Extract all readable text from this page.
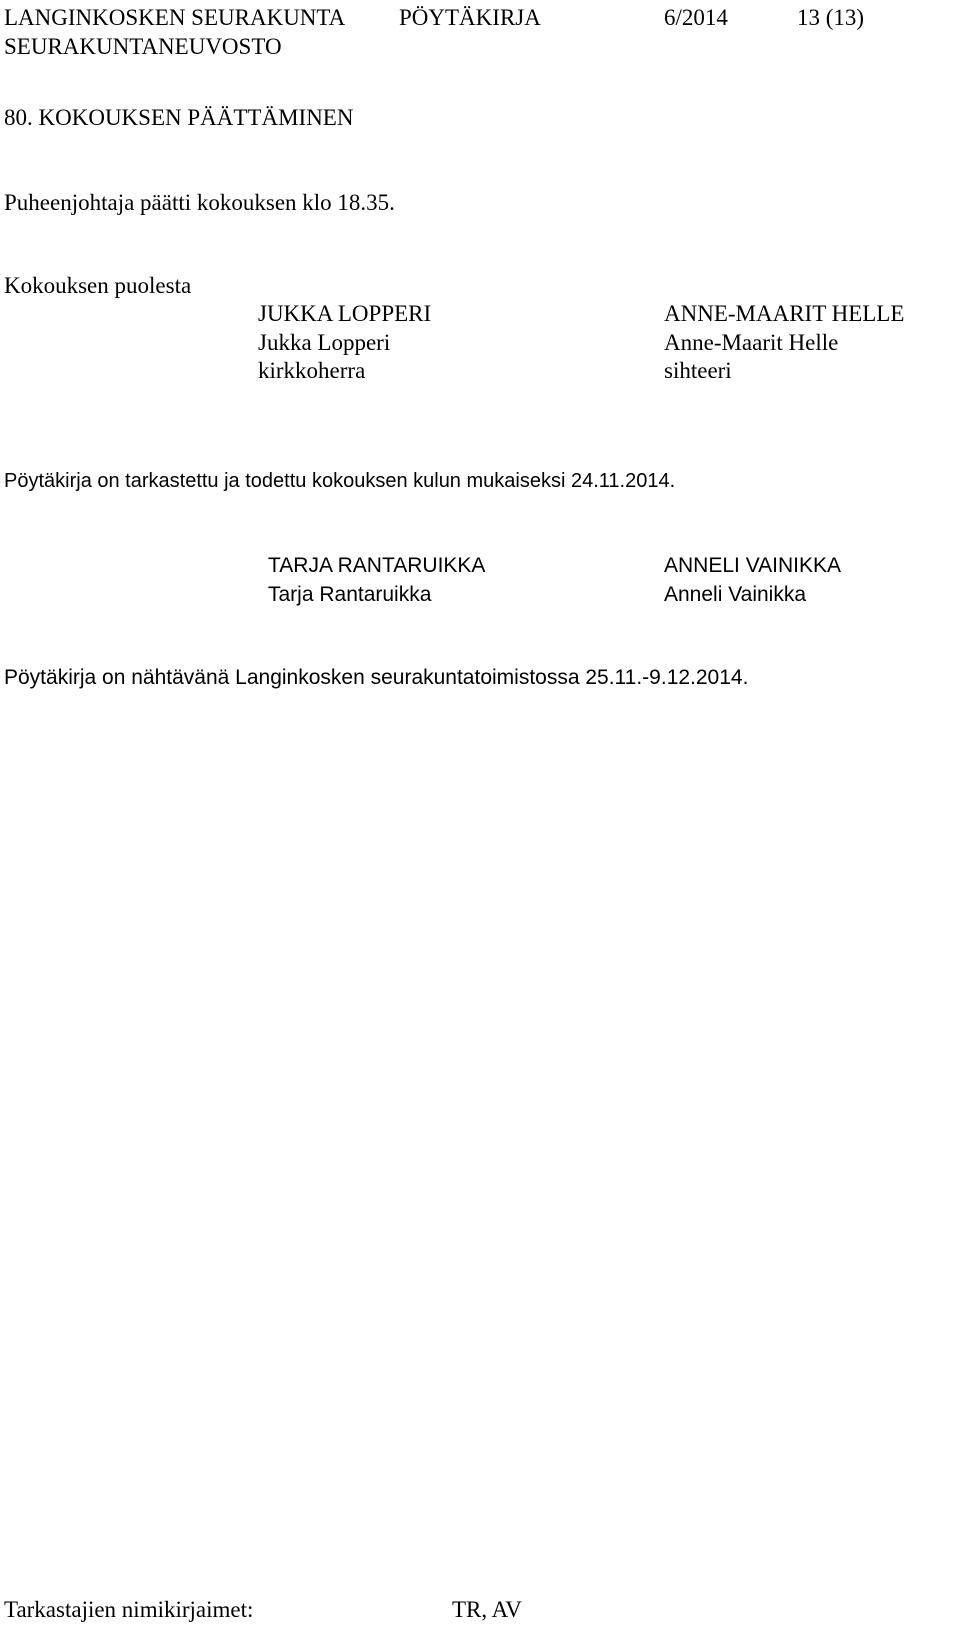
LANGINKOSKEN SEURAKUNTA PÖYTÄKIRJA	6/2014	13 (13)
SEURAKUNTANEUVOSTO
80. KOKOUKSEN PÄÄTTÄMINEN
Puheenjohtaja päätti kokouksen klo 18.35.
Kokouksen puolesta
JUKKA LOPPERI
Jukka Lopperi
kirkkoherra
ANNE-MAARIT HELLE
Anne-Maarit Helle
sihteeri
Pöytäkirja on tarkastettu ja todettu kokouksen kulun mukaiseksi 24.11.2014.
TARJA RANTARUIKKA
Tarja Rantaruikka
ANNELI VAINIKKA
Anneli Vainikka
Pöytäkirja on nähtävänä Langinkosken seurakuntatoimistossa 25.11.-9.12.2014.
Tarkastajien nimikirjaimet:	TR, AV
